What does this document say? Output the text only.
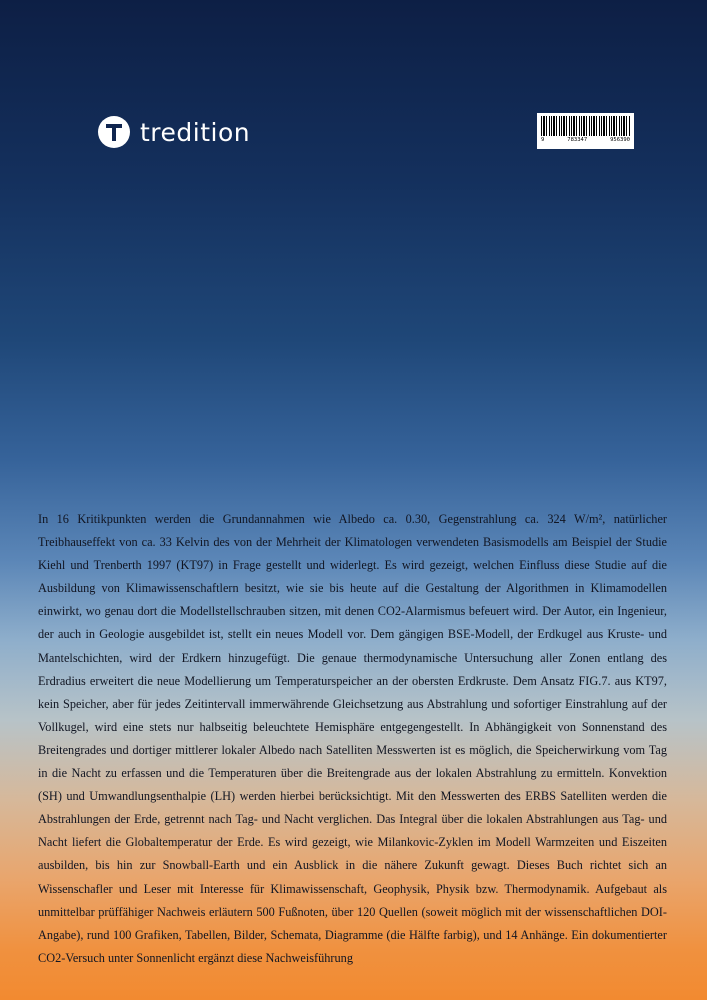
tredition	9	783347	956390

In 16 Kritikpunkten werden die Grundannahmen wie Albedo ca. 0.30, Gegenstrahlung ca. 324 W/m², natürlicher Treibhauseffekt von ca. 33 Kelvin des von der Mehrheit der Klimatologen verwendeten Basismodells am Beispiel der Studie Kiehl und Trenberth 1997 (KT97) in Frage gestellt und widerlegt. Es wird gezeigt, welchen Einfluss diese Studie auf die Ausbildung von Klimawissenschaftlern besitzt, wie sie bis heute auf die Gestaltung der Algorithmen in Klimamodellen einwirkt, wo genau dort die Modellstellschrauben sitzen, mit denen CO2-Alarmismus befeuert wird. Der Autor, ein Ingenieur, der auch in Geologie ausgebildet ist, stellt ein neues Modell vor. Dem gängigen BSE-Modell, der Erdkugel aus Kruste- und Mantelschichten, wird der Erdkern hinzugefügt. Die genaue thermodynamische Untersuchung aller Zonen entlang des Erdradius erweitert die neue Modellierung um Temperaturspeicher an der obersten Erdkruste. Dem Ansatz FIG.7. aus KT97, kein Speicher, aber für jedes Zeitintervall immerwährende Gleichsetzung aus Abstrahlung und sofortiger Einstrahlung auf der Vollkugel, wird eine stets nur halbseitig beleuchtete Hemisphäre entgegengestellt. In Abhängigkeit von Sonnenstand des Breitengrades und dortiger mittlerer lokaler Albedo nach Satelliten Messwerten ist es möglich, die Speicherwirkung vom Tag in die Nacht zu erfassen und die Temperaturen über die Breitengrade aus der lokalen Abstrahlung zu ermitteln. Konvektion (SH) und Umwandlungsenthalpie (LH) werden hierbei berücksichtigt. Mit den Messwerten des ERBS Satelliten werden die Abstrahlungen der Erde, getrennt nach Tag- und Nacht verglichen. Das Integral über die lokalen Abstrahlungen aus Tag- und Nacht liefert die Globaltemperatur der Erde. Es wird gezeigt, wie Milankovic-Zyklen im Modell Warmzeiten und Eiszeiten ausbilden, bis hin zur Snowball-Earth und ein Ausblick in die nähere Zukunft gewagt. Dieses Buch richtet sich an Wissenschafler und Leser mit Interesse für Klimawissenschaft, Geophysik, Physik bzw. Thermodynamik. Aufgebaut als unmittelbar prüffähiger Nachweis erläutern 500 Fußnoten, über 120 Quellen (soweit möglich mit der wissenschaftlichen DOI-Angabe), rund 100 Grafiken, Tabellen, Bilder, Schemata, Diagramme (die Hälfte farbig), und 14 Anhänge. Ein dokumentierter CO2-Versuch unter Sonnenlicht ergänzt diese Nachweisführung
